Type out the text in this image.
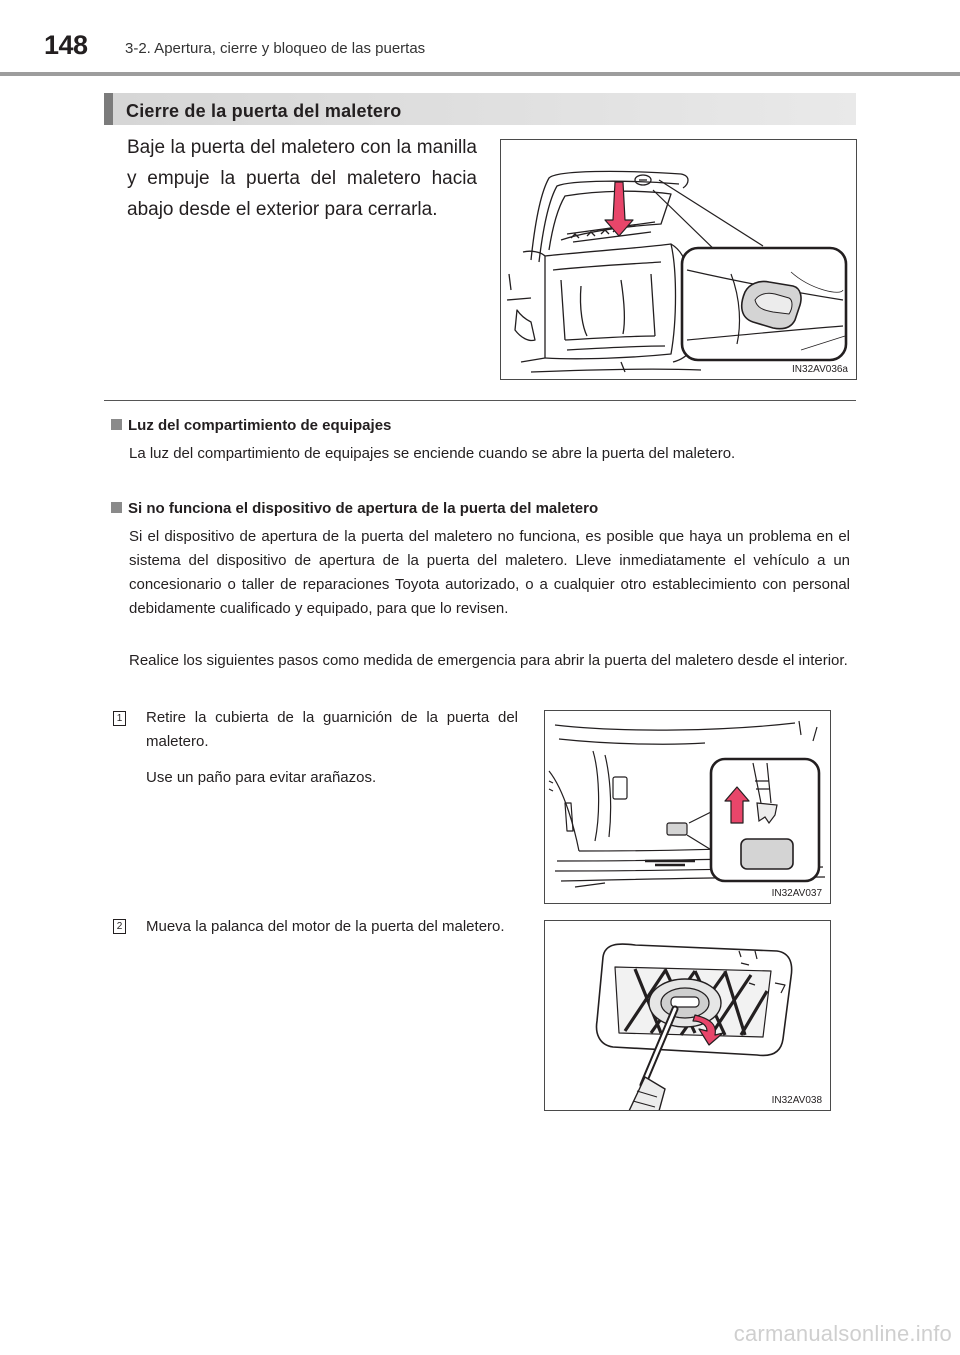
148 3-2. Apertura, cierre y bloqueo de las puertas
Cierre de la puerta del maletero

Baje la puerta del maletero con la manilla y empuje la puerta del maletero hacia abajo desde el exterior para cerrarla.

IN32AV036a
Luz del compartimiento de equipajes

La luz del compartimiento de equipajes se enciende cuando se abre la puerta del maletero.

Si no funciona el dispositivo de apertura de la puerta del maletero

Si el dispositivo de apertura de la puerta del maletero no funciona, es posible que haya un problema en el sistema del dispositivo de apertura de la puerta del maletero. Lleve inmediatamente el vehículo a un concesionario o taller de reparaciones Toyota autorizado, o a cualquier otro establecimiento con personal debidamente cualificado y equipado, para que lo revisen.

Realice los siguientes pasos como medida de emergencia para abrir la puerta del maletero desde el interior.

1 Retire la cubierta de la guarnición de la puerta del maletero.

Use un paño para evitar arañazos.

IN32AV037
2 Mueva la palanca del motor de la puerta del maletero.

IN32AV038
carmanualsonline.info
